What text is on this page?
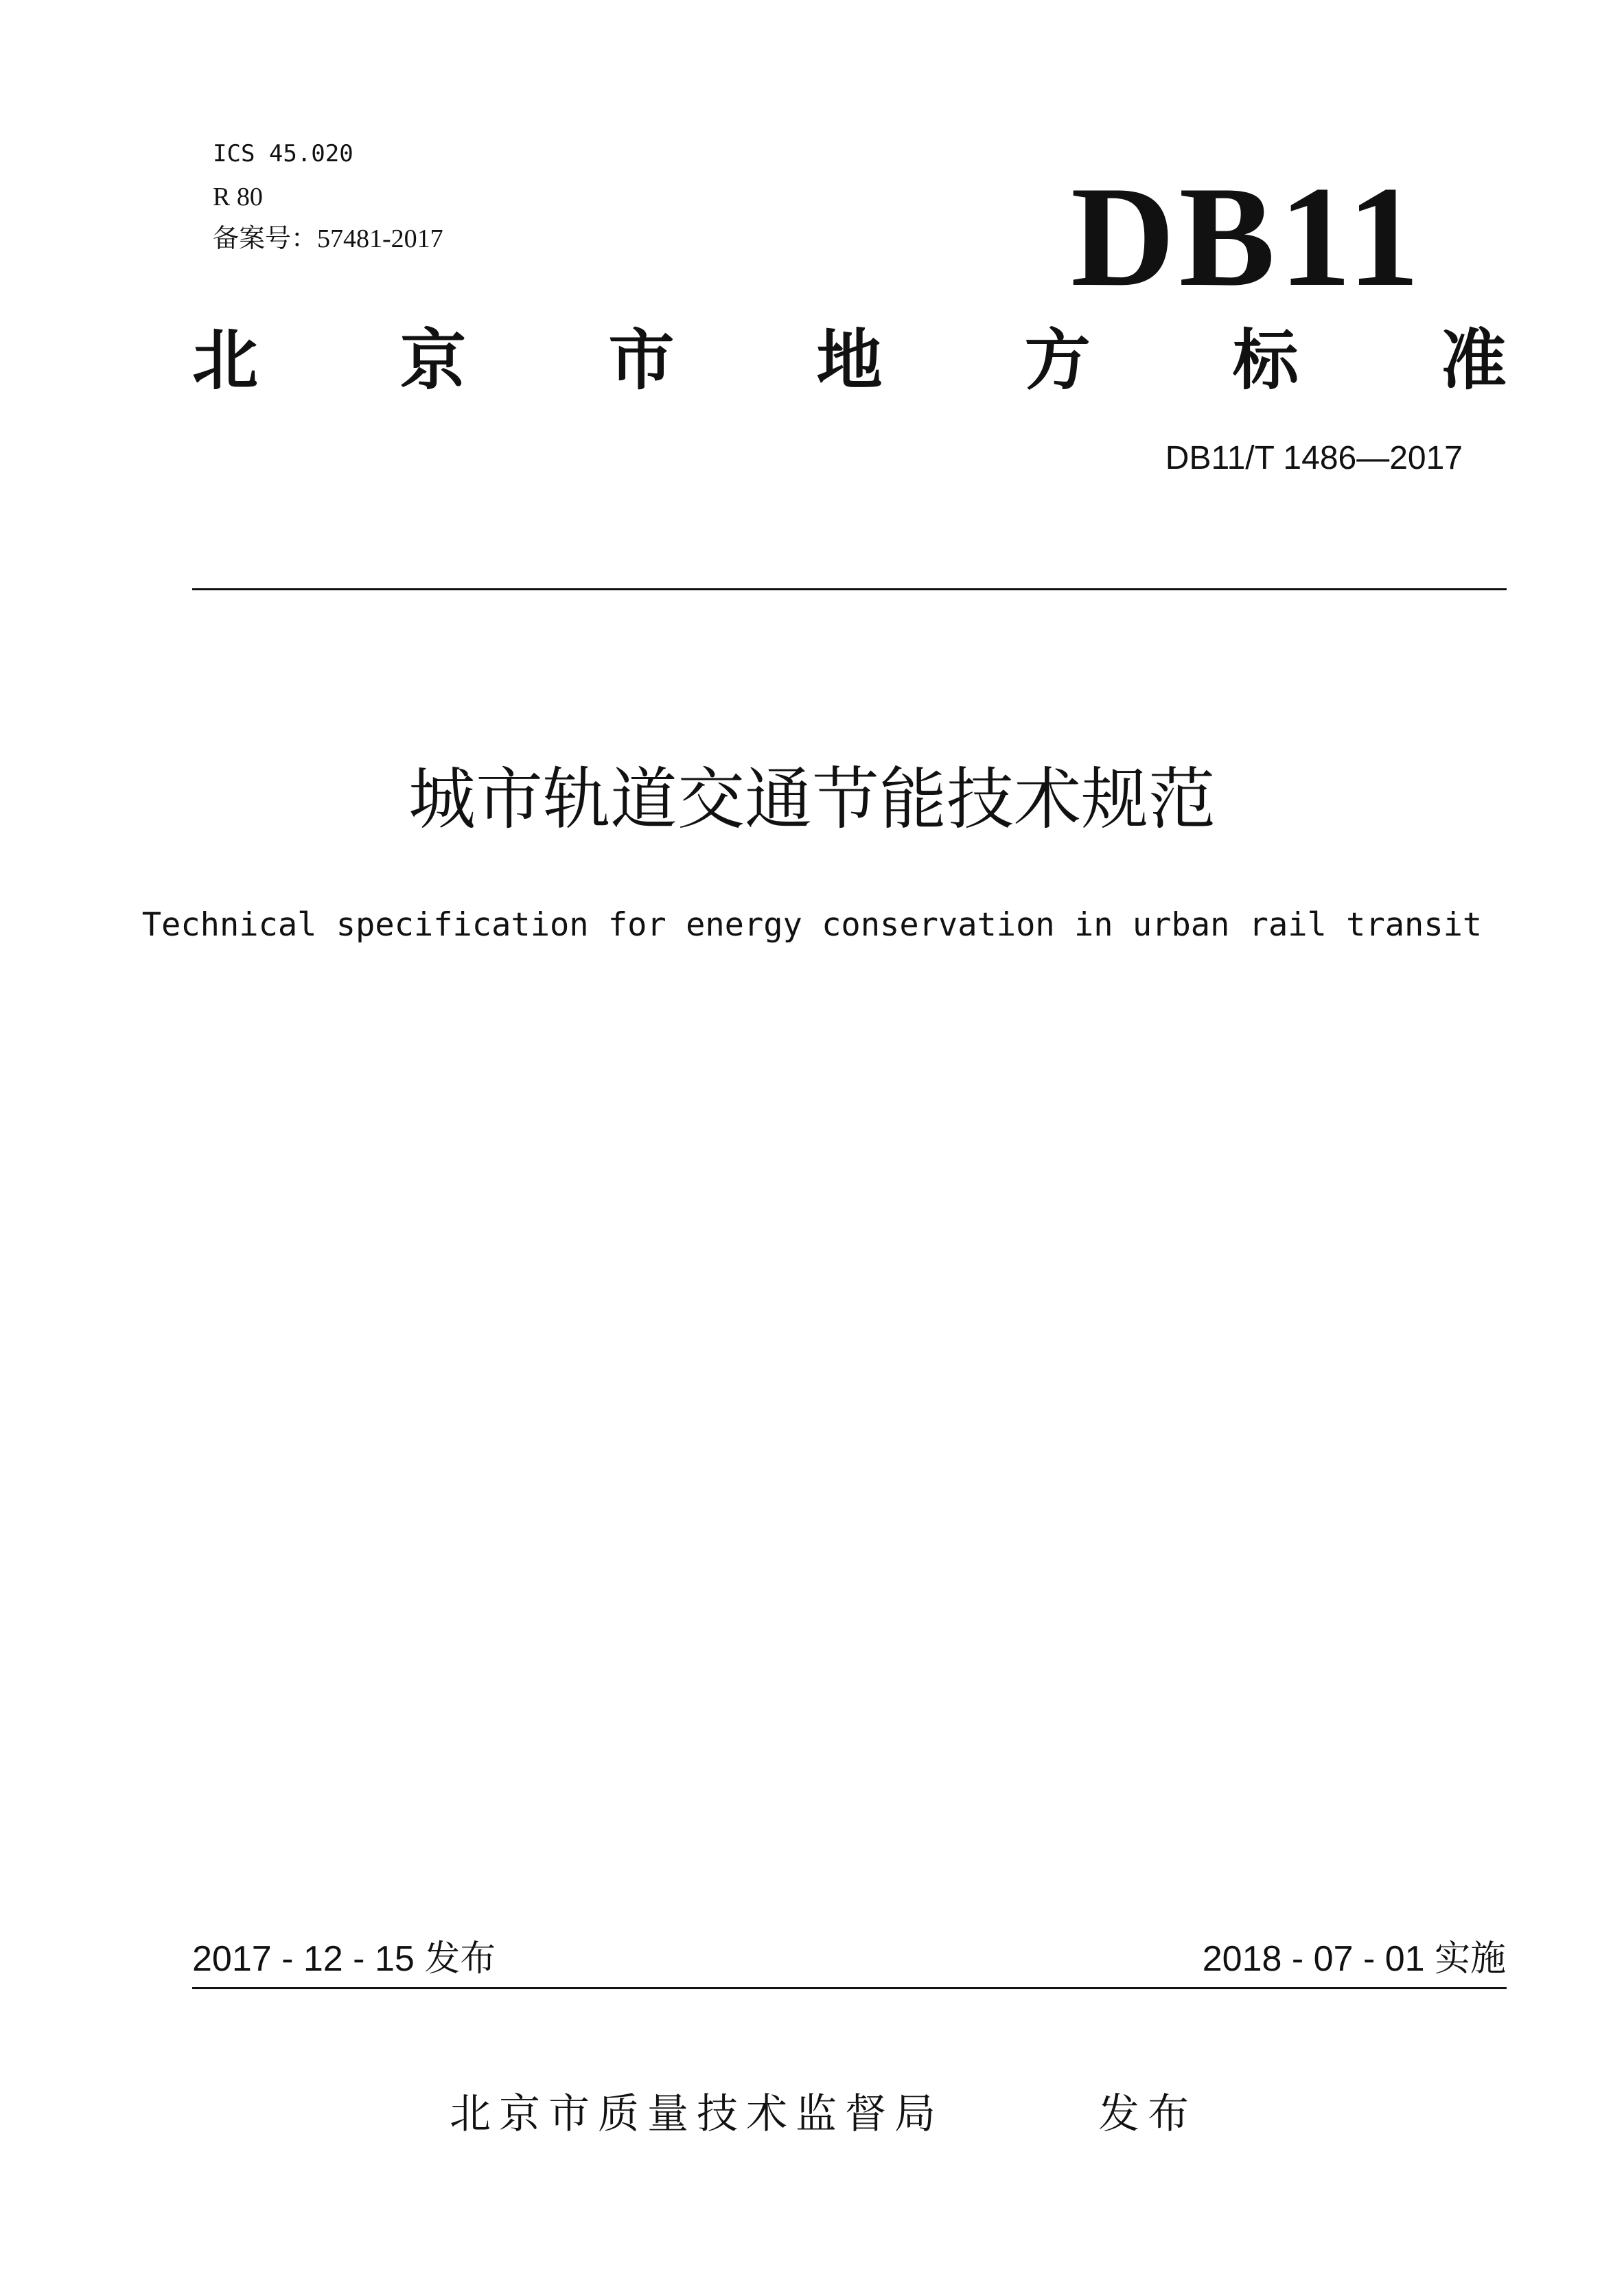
ICS 45.020
R 80
备案号：57481-2017	DB11
北 京 市 地 方 标 准
DB11/T 1486—2017
城市轨道交通节能技术规范
Technical specification for energy conservation in urban rail transit
2017 - 12 - 15 发布	2018 - 07 - 01 实施
北京市质量技术监督局	发布
